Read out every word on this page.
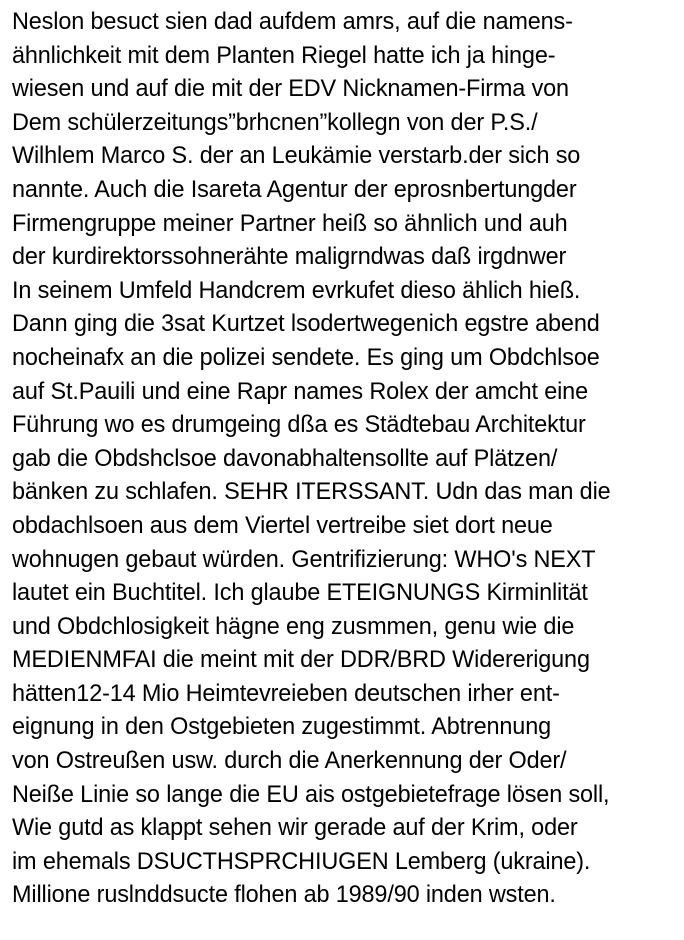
Neslon besuct sien dad aufdem amrs, auf die namens-
ähnlichkeit mit dem Planten Riegel hatte ich ja hinge-
wiesen und auf die mit der EDV Nicknamen-Firma von
Dem schülerzeitungs”brhcnen”kollegn von der P.S./
Wilhlem Marco S. der an Leukämie verstarb.der sich so
nannte. Auch die Isareta Agentur der eprosnbertungder
Firmengruppe meiner Partner heiß so ähnlich und auh
der kurdirektorssohnerähte maligrndwas daß irgdnwer
In seinem Umfeld Handcrem evrkufet dieso ählich hieß.
Dann ging die 3sat Kurtzet lsodertwegenich egstre abend
nocheinafx an die polizei sendete. Es ging um Obdchlsoe
auf St.Pauili und eine Rapr names Rolex der amcht eine
Führung wo es drumgeing dßa es Städtebau Architektur
gab die Obdshclsoe davonabhaltensollte auf Plätzen/
bänken zu schlafen. SEHR ITERSSANT. Udn das man die
obdachlsoen aus dem Viertel vertreibe siet dort neue
wohnugen gebaut würden. Gentrifizierung: WHO's NEXT
lautet ein Buchtitel. Ich glaube ETEIGNUNGS Kirminlität
und Obdchlosigkeit hägne eng zusmmen, genu wie die
MEDIENMFAI die meint mit der DDR/BRD Widererigung
hätten12-14 Mio Heimtevreieben deutschen irher ent-
eignung in den Ostgebieten zugestimmt. Abtrennung
von Ostreußen usw. durch die Anerkennung der Oder/
Neiße Linie so lange die EU ais ostgebietefrage lösen soll,
Wie gutd as klappt sehen wir gerade auf der Krim, oder
im ehemals DSUCTHSPRCHIUGEN Lemberg (ukraine).
Millione ruslnddsucte flohen ab 1989/90 inden wsten.
